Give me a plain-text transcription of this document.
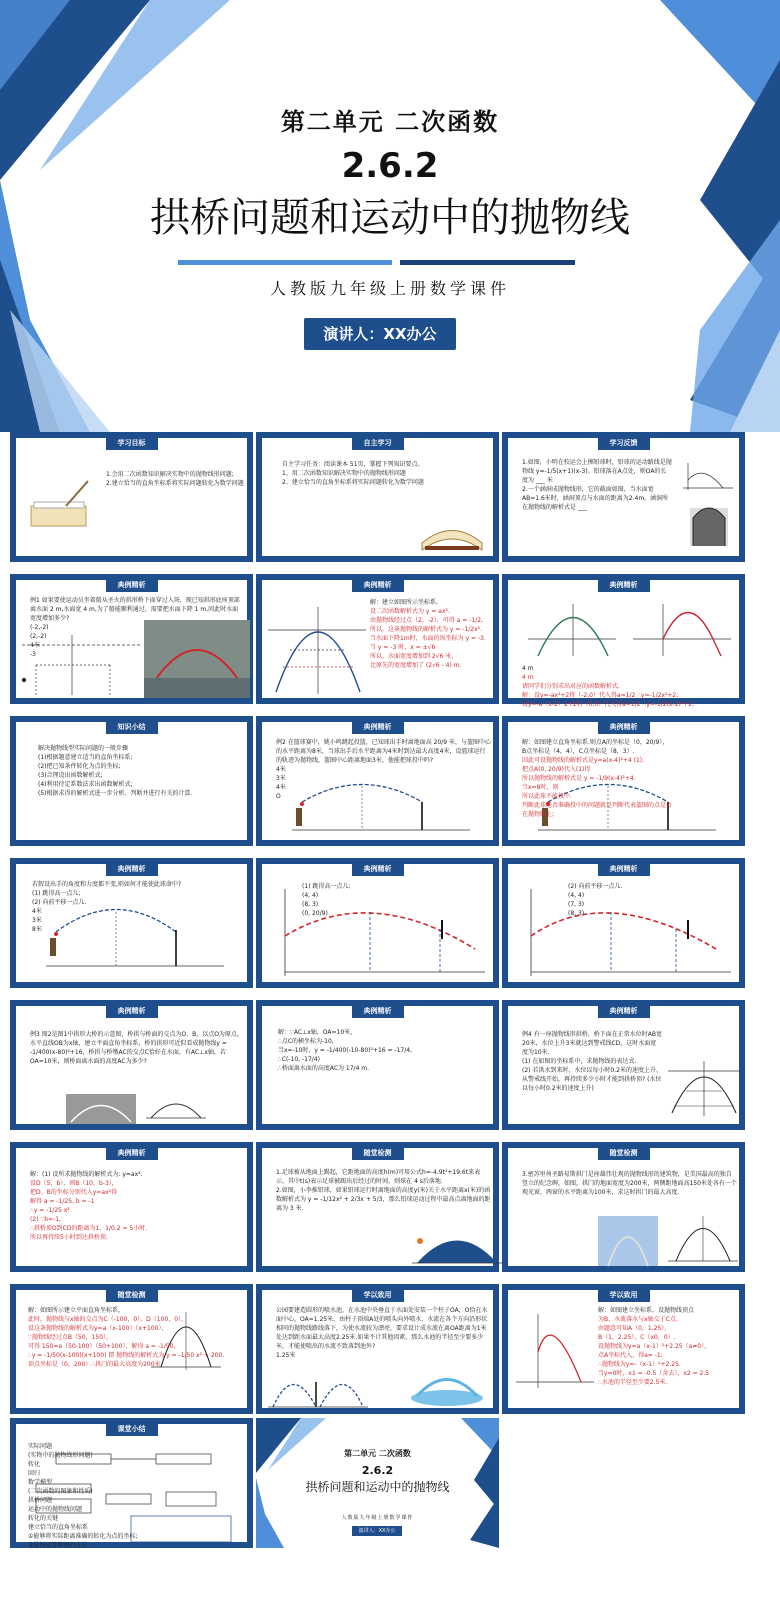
第二单元 二次函数
2.6.2
拱桥问题和运动中的抛物线
人教版九年级上册数学课件
演讲人：XX办公
学习目标
1.会用二次函数知识解决实物中的抛物线形问题;
2.建立恰当的直角坐标系将实际问题转化为数学问题
自主学习
自主学习任务：阅读课本 51页，掌握下列知识要点。
1、用二次函数知识解决实物中的抛物线形问题
2、建立恰当的直角坐标系将实际问题转化为数学问题
学习反馈
1.如图，小明在校运会上掷铅球时，铅球的运动路线是抛物线 y=-1/5(x+1)(x-3)。铅球落在A点处，则OA的长度为 ___ 米
2.一个涵洞成抛物线形，它的截面如图，当水面宽AB=1.6米时，涵洞顶点与水面的距离为2.4m。涵洞所在抛物线的解析式是 ___
典例精析
例1 如果要使运动员坐着船从圣火的拱形桥下面穿过入场，现已知拱形底座顶部离水面 2 m,水面宽 4 m,为了船能顺利通过，需要把水面下降 1 m,问此时水面宽度增加多少?
(-2,-2)
(2,-2)
4米
-3
典例精析
解：建立如图所示坐标系,
设二次函数解析式为 y = ax².
由抛物线经过点（2，-2），可得 a = -1/2,
所以，这条抛物线的解析式为 y = -1/2x².
当水面下降1m时，水面的纵坐标为 y = -3.
当 y = -3 时，x = ±√6
所以，水面宽度增加到 2√6 米，
比原先的宽度增加了 (2√6 - 4) m.
典例精析
4 m
4 m
请同学们分别求出对应的函数解析式.
解：设y=-ax²+2将（-2,0）代入得a=1/2 ∴y=-1/2x²+2;
设y=-a（x-2）2+2将（0,0）代入得a=1/2 ∴y=-1/2(x-2)²+2;
知识小结
解决抛物线型实际问题的一般步骤
(1)根据题意建立适当的直角坐标系;
(2)把已知条件转化为点的坐标;
(3)合理设出函数解析式;
(4)利用待定系数法求出函数解析式;
(5)根据求得的解析式进一步分析、判断并进行有关的计算.
典例精析
例2 在篮球赛中，姚小鸣跳起投篮，已知球出手时离地面高 20/9 米，与篮圈中心的水平距离为8米，当球出手后水平距离为4米时到达最大高度4米，设篮球运行的轨迹为抛物线，篮圈中心距离地面3米，他能把球投中吗?
4米
3米
4米
O
典例精析
解：如图建立直角坐标系.则点A的坐标是（0，20/9），B点坐标是（4，4），C点坐标是（8，3）.
因此可设抛物线的解析式是y=a(x-4)²+4 (1).
把点A(0, 20/9)代入(1)得
所以抛物线的解析式是 y = -1/9(x-4)²+4.
当x=8时，则
所以此球不能投中.
判断此球能否准确投中的问题就是判断代表篮圈的点是否在抛物线上;
典例精析
若假设出手的角度和力度都不变,则如何才能使此球命中?
(1) 跳得高一点儿;
(2) 向前平移一点儿.
4米
3米
8米
典例精析
(1) 跳得高一点儿;
(4, 4)
(8, 3)
(0, 20/9)
典例精析
(2) 向前平移一点儿.
(4, 4)
(7, 3)
(8, 3)
典例精析
例3 图2是图1中拱形大桥的示意图，桥拱与桥面的交点为O、B，以点O为原点，水平直线OB为x轴，建立平面直角坐标系，桥的拱形可近似看成抛物线y = -1/400(x-80)²+16，桥拱与桥墩AC的交点C恰好在水面，有AC⊥x轴，若OA=10米，则桥面离水面的高度AC为多少?
典例精析
解：∵AC⊥x轴，OA=10米，
∴点C的横坐标为-10，
当x=-10时，y = -1/400(-10-80)²+16 = -17/4,
∴C(-10, -17/4)
∴桥面离水面的高度AC为 17/4 m.
典例精析
例4 有一座抛物线形拱桥，桥下面在正常水位时AB宽20米，水位上升3米就达到警戒线CD，这时水面宽度为10米.
(1) 在如图的坐标系中，求抛物线的表达式.
(2) 若洪水到来时，水位以每小时0.2米的速度上升，从警戒线开始，再持续多少小时才能到拱桥顶? (水位以每小时0.2米的速度上升)
典例精析
解：(1) 设所求抛物线的解析式为: y=ax².
设D（5，b），则B（10，b-3），
把D、B的坐标分别代入y=ax²得
解得 a = -1/25, b = -1
∴y = -1/25 x²
(2) ∵b=-1,
∴拱桥顶O到CD的距离为1，1/0.2 = 5小时.
所以再持续5小时到达拱桥顶.
随堂检测
1.足球被从地面上踢起，它距地面的高度h(m)可用公式h=-4.9t²+19.6t来表示，其中t(s)表示足球被踢出后经过的时间，则球在 4 s后落地.
2.如图，小李推铅球，如果铅球运行时离地面的高度y(米)关于水平距离x(米)的函数解析式为 y = -1/12x² + 2/3x + 5/3，那么铅球运动过程中最高点离地面的距离为 3 米.
随堂检测
3.密苏里州圣路易斯拱门是座雄伟壮观的抛物线形的建筑物，是美国最高的独自竖立的纪念碑，如图，拱门的地面宽度为200米，两侧距地面高150米处各有一个观光窗，两窗的水平距离为100米，求这时拱门的最大高度.
随堂检测
解：如图所示建立平面直角坐标系，
此时，抛物线与x轴的交点为C（-100，0），D（100，0），
设这条抛物线的解析式为y=a（x-100）（x+100），
∵抛物线经过点B（50，150），
可得 150=a（50-100）（50+100），解得 a = -1/50,
∴y = -1/50(x-100)(x+100) 即 抛物线的解析式为 y = -1/50 x² + 200.
顶点坐标是（0，200）∴拱门的最大高度为200米
学以致用
公园要建造圆形的喷水池，在水池中央垂直于水面处安装一个柱子OA，O恰在水面中心，OA=1.25米，由柱子顶端A处的喷头向外喷水，水流在各个方向沿形状相同的抛物线路线落下，为使水流较为漂亮，要求设计成水流在离OA距离为1米处达到距水面最大高度2.25米.如果不计其他因素，那么水池的半径至少要多少米，才能使喷出的水流不致落到池外?
1.25米
学以致用
解：如图建立坐标系，设抛物线顶点
为B，水流落水与x轴交于C点.
由题意可知A（0，1.25），
B（1，2.25），C（x0，0）.
设抛物线为y=a（x-1）²+2.25（a≠0），
点A坐标代入，得a= -1;
∴抛物线为y=-（x-1）²+2.25.
当y=0时，x1 = -0.5（舍去），x2 = 2.5
∴水池的半径至少要2.5米.
课堂小结
实际问题
(实物中的抛物线形问题)
转化
回归
数学模型
(二次函数的图象和性质)
拱桥问题
运动中的抛物线问题
转化的关键
建立恰当的直角坐标系
①能够将实际距离准确的转化为点的坐标;
②选择运算简便的方法.
第二单元 二次函数
2.6.2
拱桥问题和运动中的抛物线
人教版九年级上册数学课件
演讲人：XX办公
